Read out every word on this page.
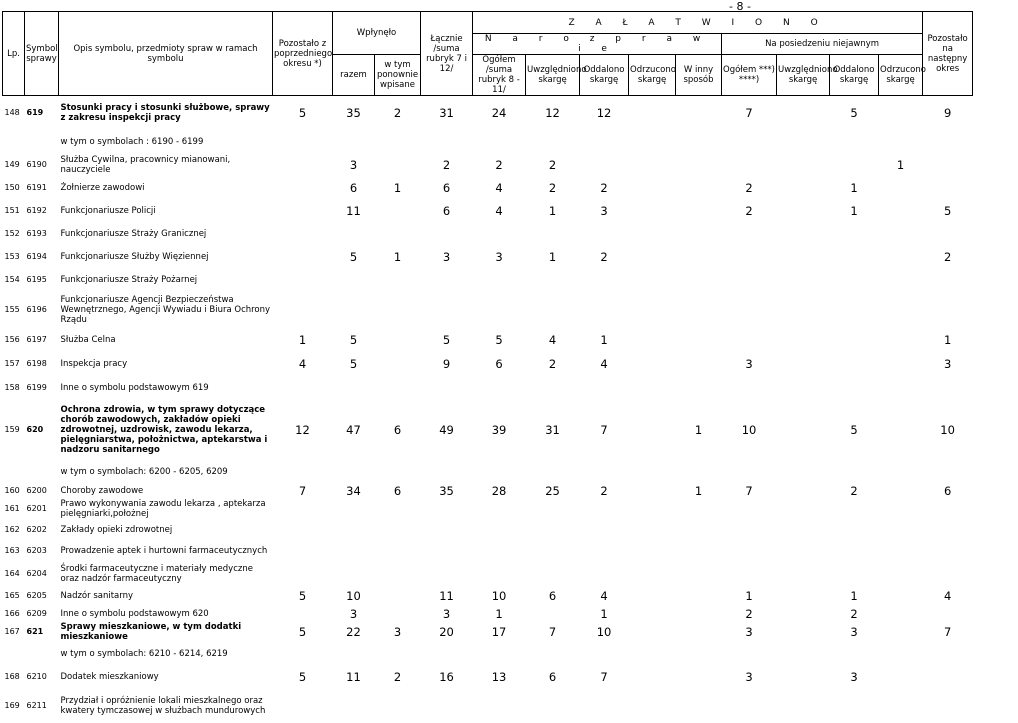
- 8 -
Lp.	Symbol sprawy	Opis symbolu, przedmioty spraw w ramach symbolu	Pozostało z poprzedniego okresu *)	Wpłynęło		Łącznie /suma rubryk 7 i 12/	Z A Ł A T W I O N O									Pozostało na następny okres	
							N a r o z p r a w i e					Na posiedzeniu niejawnym					
				razem	w tym ponownie wpisane		Ogółem /suma rubryk 8 - 11/	Uwzględniono skargę	Oddalono skargę	Odrzucono skargę	W inny sposób	Ogółem ***) ****)	Uwzględniono skargę	Oddalono skargę	Odrzucono skargę		
148	619	Stosunki pracy i stosunki służbowe, sprawy z zakresu inspekcji pracy	5	35	2	31	24	12	12			7		5		9	
		w tym o symbolach : 6190 - 6199															
149	6190	Służba Cywilna, pracownicy mianowani, nauczyciele		3		2	2	2							1		
150	6191	Żołnierze zawodowi		6	1	6	4	2	2			2		1			
151	6192	Funkcjonariusze Policji		11		6	4	1	3			2		1		5	
152	6193	Funkcjonariusze Straży Granicznej															
153	6194	Funkcjonariusze Służby Więziennej		5	1	3	3	1	2							2	
154	6195	Funkcjonariusze Straży Pożarnej															
155	6196	Funkcjonariusze Agencji Bezpieczeństwa Wewnętrznego, Agencji Wywiadu i Biura Ochrony Rządu															
156	6197	Służba Celna	1	5		5	5	4	1							1	
157	6198	Inspekcja pracy	4	5		9	6	2	4			3				3	
158	6199	Inne o symbolu podstawowym 619															
159	620	Ochrona zdrowia, w tym sprawy dotyczące chorób zawodowych, zakładów opieki zdrowotnej, uzdrowisk, zawodu lekarza, pielęgniarstwa, położnictwa, aptekarstwa i nadzoru sanitarnego	12	47	6	49	39	31	7		1	10		5		10	
		w tym o symbolach: 6200 - 6205, 6209															
160	6200	Choroby zawodowe	7	34	6	35	28	25	2		1	7		2		6	
161	6201	Prawo wykonywania zawodu lekarza , aptekarza pielęgniarki,położnej															
162	6202	Zakłady opieki zdrowotnej															
163	6203	Prowadzenie aptek i hurtowni farmaceutycznych															
164	6204	Środki farmaceutyczne i materiały medyczne oraz nadzór farmaceutyczny															
165	6205	Nadzór sanitarny	5	10		11	10	6	4			1		1		4	
166	6209	Inne o symbolu podstawowym 620		3		3	1		1			2		2			
167	621	Sprawy mieszkaniowe, w tym dodatki mieszkaniowe	5	22	3	20	17	7	10			3		3		7	
		w tym o symbolach: 6210 - 6214, 6219															
168	6210	Dodatek mieszkaniowy	5	11	2	16	13	6	7			3		3			
169	6211	Przydział i opróżnienie lokali mieszkalnego oraz kwatery tymczasowej w służbach mundurowych															
